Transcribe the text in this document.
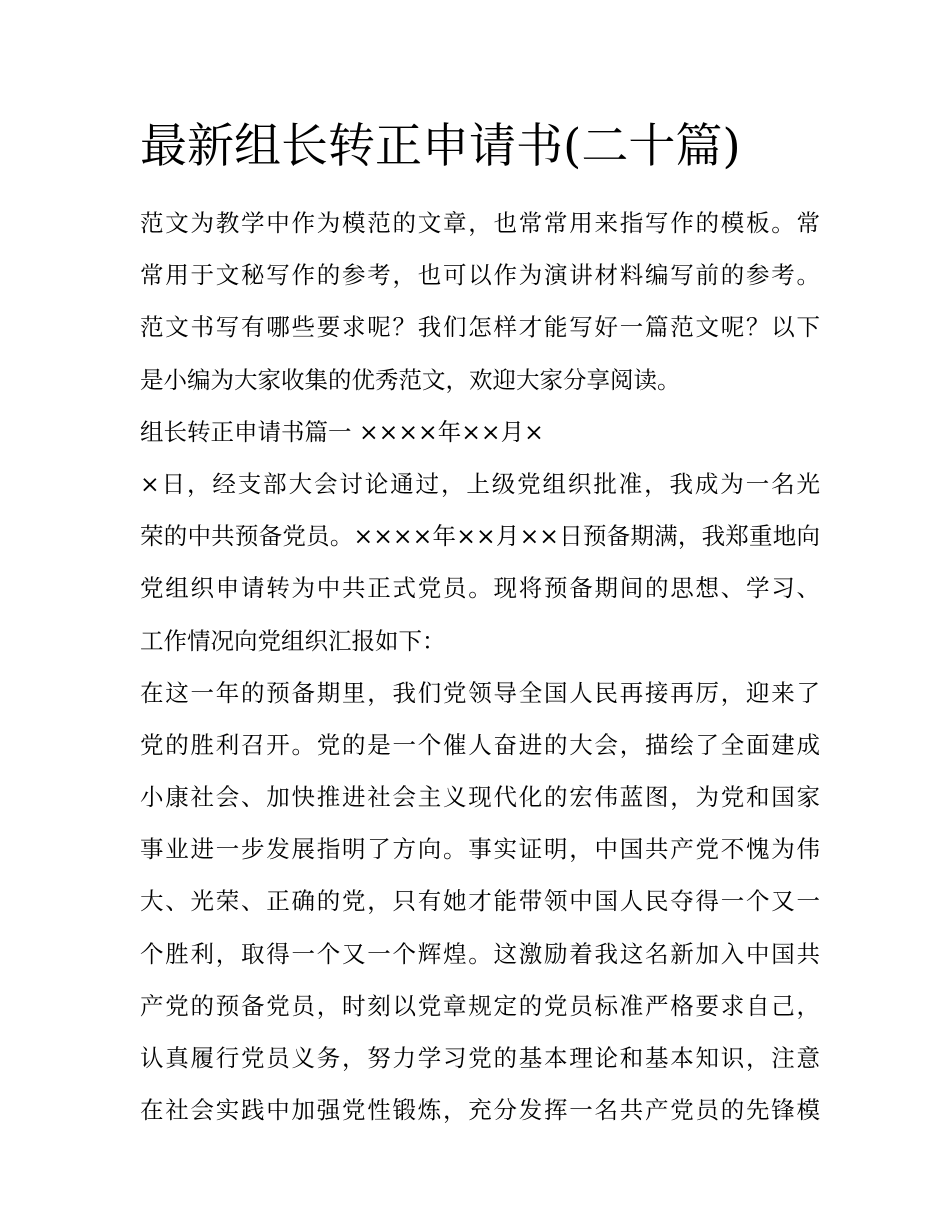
最新组长转正申请书(二十篇)
范文为教学中作为模范的文章，也常常用来指写作的模板。常
常用于文秘写作的参考，也可以作为演讲材料编写前的参考。
范文书写有哪些要求呢？我们怎样才能写好一篇范文呢？以下
是小编为大家收集的优秀范文，欢迎大家分享阅读。
组长转正申请书篇一 ××××年××月×
×日，经支部大会讨论通过，上级党组织批准，我成为一名光
荣的中共预备党员。××××年××月××日预备期满，我郑重地向
党组织申请转为中共正式党员。现将预备期间的思想、学习、
工作情况向党组织汇报如下：
在这一年的预备期里，我们党领导全国人民再接再厉，迎来了
党的胜利召开。党的是一个催人奋进的大会，描绘了全面建成
小康社会、加快推进社会主义现代化的宏伟蓝图，为党和国家
事业进一步发展指明了方向。事实证明，中国共产党不愧为伟
大、光荣、正确的党，只有她才能带领中国人民夺得一个又一
个胜利，取得一个又一个辉煌。这激励着我这名新加入中国共
产党的预备党员，时刻以党章规定的党员标准严格要求自己，
认真履行党员义务，努力学习党的基本理论和基本知识，注意
在社会实践中加强党性锻炼，充分发挥一名共产党员的先锋模
